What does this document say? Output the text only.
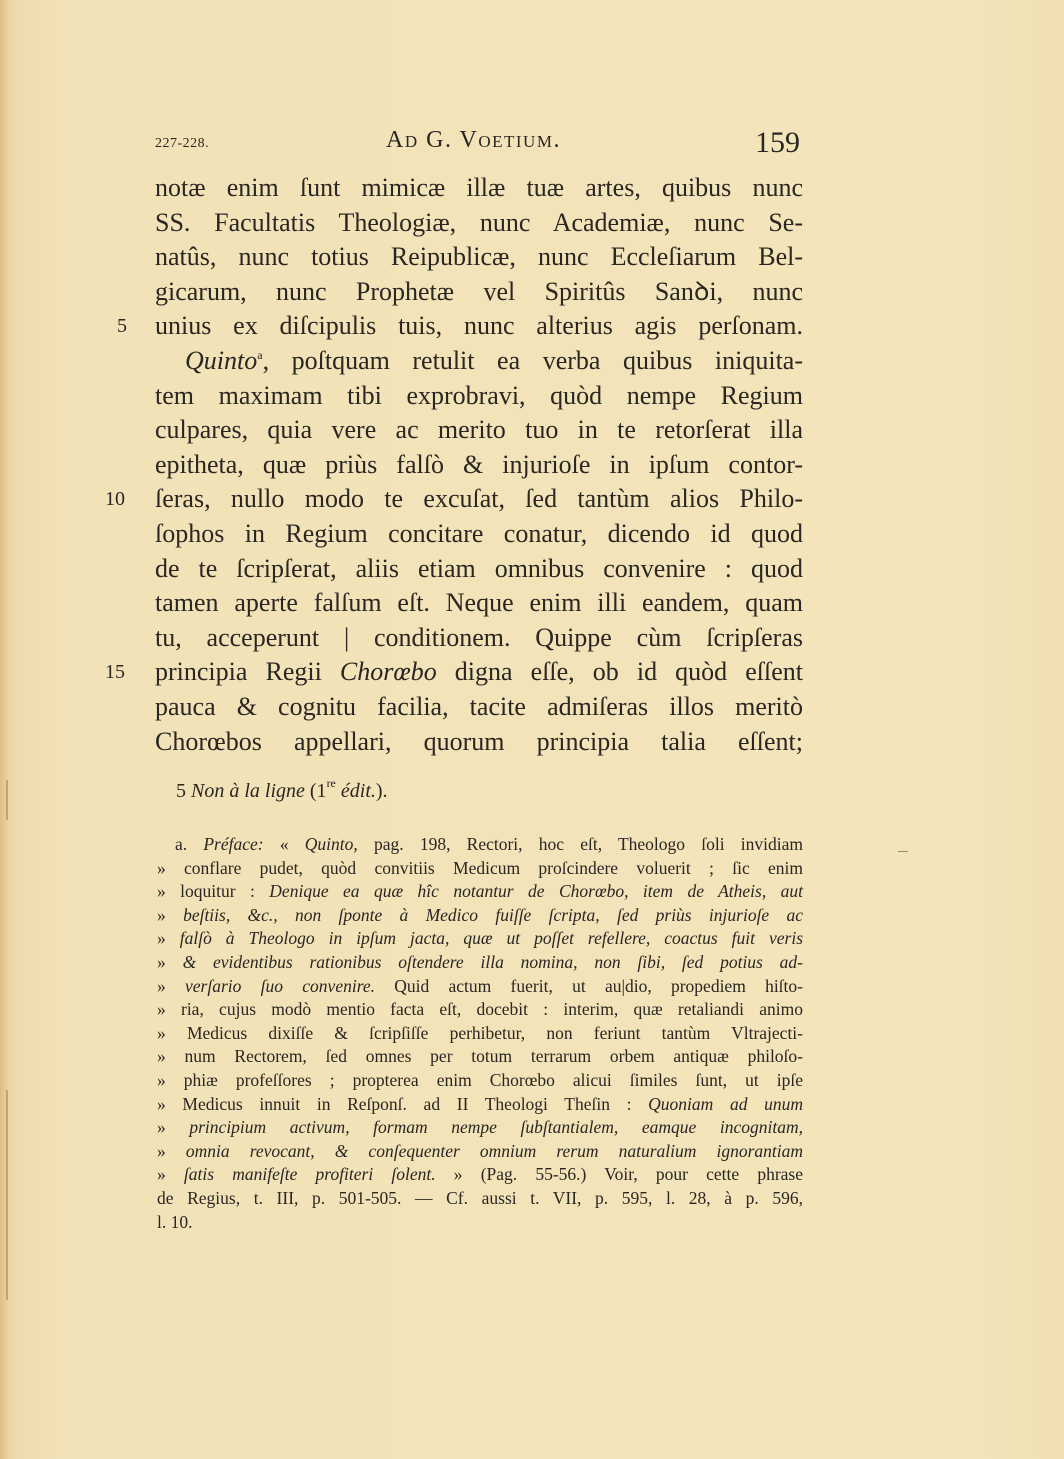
227-228.	Ad G. Voetium.	159
notæ enim ſunt mimicæ illæ tuæ artes, quibus nunc
SS. Facultatis Theologiæ, nunc Academiæ, nunc Se-
natûs, nunc totius Reipublicæ, nunc Eccleſiarum Bel-
gicarum, nunc Prophetæ vel Spiritûs Sanꝺi, nunc
5	unius ex diſcipulis tuis, nunc alterius agis perſonam.
Quinto$^a$, poſtquam retulit ea verba quibus iniquita-
tem maximam tibi exprobravi, quòd nempe Regium
culpares, quia vere ac merito tuo in te retorſerat illa
epitheta, quæ priùs falſò & injurioſe in ipſum contor-
10	ſeras, nullo modo te excuſat, ſed tantùm alios Philo-
ſophos in Regium concitare conatur, dicendo id quod
de te ſcripſerat, aliis etiam omnibus convenire : quod
tamen aperte falſum eſt. Neque enim illi eandem, quam
tu, acceperunt | conditionem. Quippe cùm ſcripſeras
15	principia Regii Chorœbo digna eſſe, ob id quòd eſſent
pauca & cognitu facilia, tacite admiſeras illos meritò
Chorœbos appellari, quorum principia talia eſſent;
5 Non à la ligne (1re édit.).
a. Préface: « Quinto, pag. 198, Rectori, hoc eſt, Theologo ſoli invidiam
» conflare pudet, quòd convitiis Medicum proſcindere voluerit ; ſic enim
» loquitur : Denique ea quæ hîc notantur de Chorœbo, item de Atheis, aut
» beſtiis, &c., non ſponte à Medico fuiſſe ſcripta, ſed priùs injurioſe ac
» falſò à Theologo in ipſum jacta, quæ ut poſſet refellere, coactus fuit veris
» & evidentibus rationibus oſtendere illa nomina, non ſibi, ſed potius ad-
» verſario ſuo convenire. Quid actum fuerit, ut au|dio, propediem hiſto-
» ria, cujus modò mentio facta eſt, docebit : interim, quæ retaliandi animo
» Medicus dixiſſe & ſcripſiſſe perhibetur, non feriunt tantùm Vltrajecti-
» num Rectorem, ſed omnes per totum terrarum orbem antiquæ philoſo-
» phiæ profeſſores ; propterea enim Chorœbo alicui ſimiles ſunt, ut ipſe
» Medicus innuit in Reſponſ. ad II Theologi Theſin : Quoniam ad unum
» principium activum, formam nempe ſubſtantialem, eamque incognitam,
» omnia revocant, & conſequenter omnium rerum naturalium ignorantiam
» ſatis manifeſte profiteri ſolent. » (Pag. 55-56.) Voir, pour cette phrase
de Regius, t. III, p. 501-505. — Cf. aussi t. VII, p. 595, l. 28, à p. 596,
l. 10.
